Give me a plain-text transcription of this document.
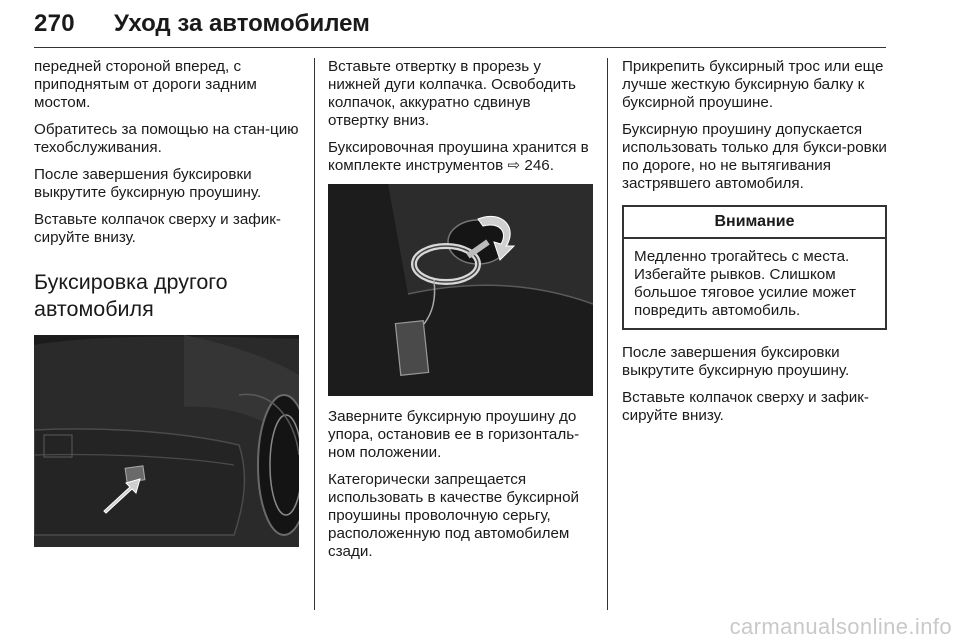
270 Уход за автомобилем

передней стороной вперед, с приподнятым от дороги задним мостом.

Обратитесь за помощью на стан-цию техобслуживания.

После завершения буксировки выкрутите буксирную проушину.

Вставьте колпачок сверху и зафик-сируйте внизу.

Буксировка другого
автомобиля

Вставьте отвертку в прорезь у нижней дуги колпачка. Освободить колпачок, аккуратно сдвинув отвертку вниз.

Буксировочная проушина хранится в комплекте инструментов ⇨ 246.

Заверните буксирную проушину до упора, остановив ее в горизонталь-ном положении.

Категорически запрещается использовать в качестве буксирной проушины проволочную серьгу, расположенную под автомобилем сзади.

Прикрепить буксирный трос или еще лучше жесткую буксирную балку к буксирной проушине.

Буксирную проушину допускается использовать только для букси-ровки по дороге, но не вытягивания застрявшего автомобиля.

Внимание
Медленно трогайтесь с места. Избегайте рывков. Слишком большое тяговое усилие может повредить автомобиль.

После завершения буксировки выкрутите буксирную проушину.

Вставьте колпачок сверху и зафик-сируйте внизу.

carmanualsonline.info
